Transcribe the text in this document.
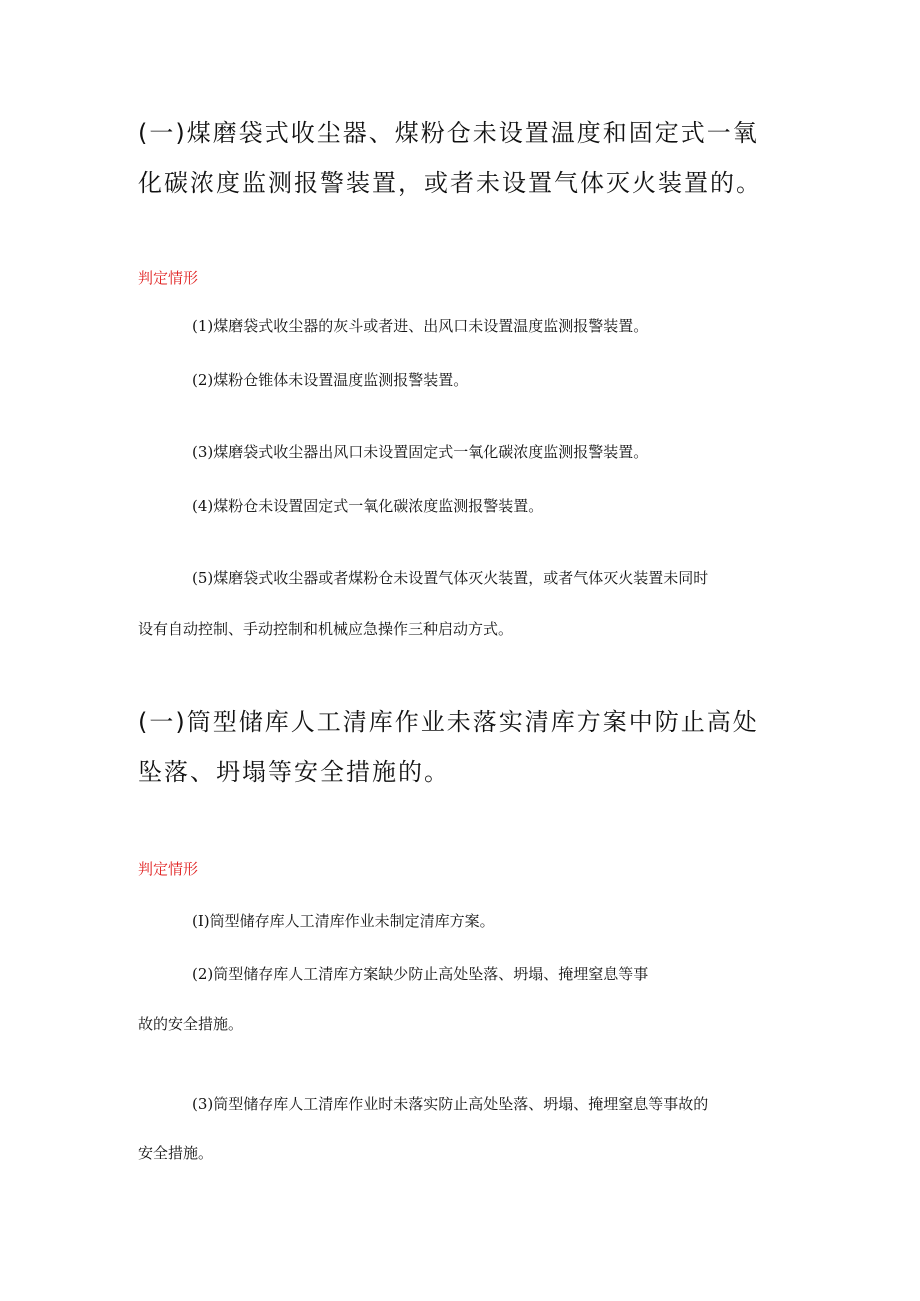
(一)煤磨袋式收尘器、煤粉仓未设置温度和固定式一氧化碳浓度监测报警装置，或者未设置气体灭火装置的。
判定情形

(1)煤磨袋式收尘器的灰斗或者进、出风口未设置温度监测报警装置。

(2)煤粉仓锥体未设置温度监测报警装置。

(3)煤磨袋式收尘器出风口未设置固定式一氧化碳浓度监测报警装置。

(4)煤粉仓未设置固定式一氧化碳浓度监测报警装置。

(5)煤磨袋式收尘器或者煤粉仓未设置气体灭火装置，或者气体灭火装置未同时

设有自动控制、手动控制和机械应急操作三种启动方式。

(一)筒型储库人工清库作业未落实清库方案中防止高处坠落、坍塌等安全措施的。
判定情形

(I)筒型储存库人工清库作业未制定清库方案。

(2)筒型储存库人工清库方案缺少防止高处坠落、坍塌、掩埋窒息等事

故的安全措施。

(3)筒型储存库人工清库作业时未落实防止高处坠落、坍塌、掩埋窒息等事故的

安全措施。
